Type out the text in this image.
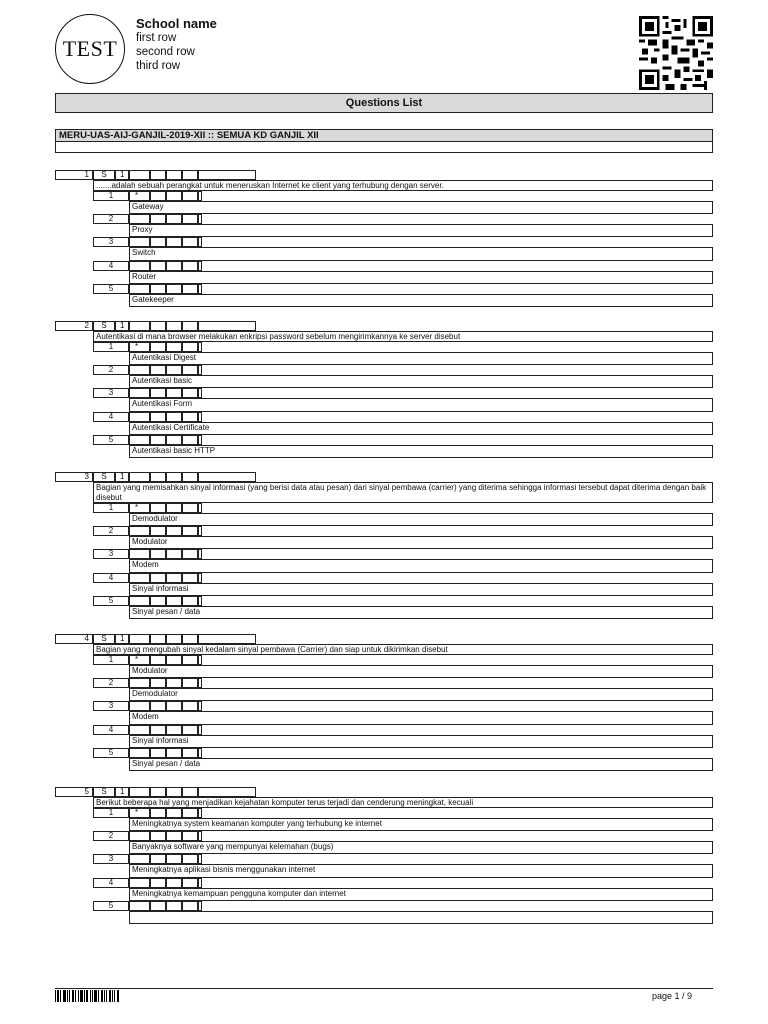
TEST
School name
first row
second row
third row
Questions List
MERU-UAS-AIJ-GANJIL-2019-XII :: SEMUA KD GANJIL XII
1	S	1
.......adalah sebuah perangkat untuk meneruskan Internet ke client yang terhubung dengan server.
1	*
Gateway
2
Proxy
3
Switch
4
Router
5
Gatekeeper
2	S	1
Autentikasi di mana browser melakukan enkripsi password sebelum mengirimkannya ke server disebut
1	*
Autentikasi Digest
2
Autentikasi basic
3
Autentikasi Form
4
Autentikasi Certificate
5
Autentikasi basic HTTP
3	S	1
Bagian yang memisahkan sinyal informasi (yang berisi data atau pesan) dari sinyal pembawa (carrier) yang diterima sehingga informasi tersebut dapat diterima dengan baik disebut
1	*
Demodulator
2
Modulator
3
Modem
4
Sinyal informasi
5
Sinyal pesan / data
4	S	1
Bagian yang mengubah sinyal kedalam sinyal pembawa (Carrier) dan siap untuk dikirimkan disebut
1	*
Modulator
2
Demodulator
3
Modem
4
Sinyal informasi
5
Sinyal pesan / data
5	S	1
Berikut beberapa hal yang menjadikan kejahatan komputer terus terjadi dan cenderung meningkat, kecuali
1	*
Meningkatnya system keamanan komputer yang terhubung ke internet
2
Banyaknya software yang mempunyai kelemahan (bugs)
3
Meningkatnya aplikasi bisnis menggunakan internet
4
Meningkatnya kemampuan pengguna komputer dan internet
5
page 1 / 9
